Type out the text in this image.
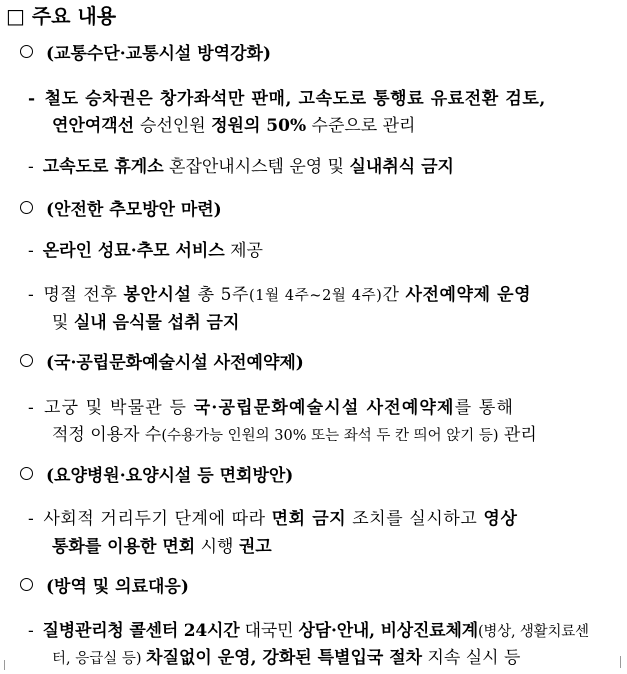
□ 주요 내용
(교통수단·교통시설 방역강화)
- 철도 승차권은 창가좌석만 판매, 고속도로 통행료 유료전환 검토,
연안여객선 승선인원 정원의 50% 수준으로 관리
- 고속도로 휴게소 혼잡안내시스템 운영 및 실내취식 금지
(안전한 추모방안 마련)
- 온라인 성묘·추모 서비스 제공
- 명절 전후 봉안시설 총 5주(1월 4주~2월 4주)간 사전예약제 운영
및 실내 음식물 섭취 금지
(국·공립문화예술시설 사전예약제)
- 고궁 및 박물관 등 국·공립문화예술시설 사전예약제를 통해
적정 이용자 수(수용가능 인원의 30% 또는 좌석 두 칸 띄어 앉기 등) 관리
(요양병원·요양시설 등 면회방안)
- 사회적 거리두기 단계에 따라 면회 금지 조치를 실시하고 영상
통화를 이용한 면회 시행 권고
(방역 및 의료대응)
- 질병관리청 콜센터 24시간 대국민 상담·안내, 비상진료체계(병상, 생활치료센
터, 응급실 등) 차질없이 운영, 강화된 특별입국 절차 지속 실시 등
